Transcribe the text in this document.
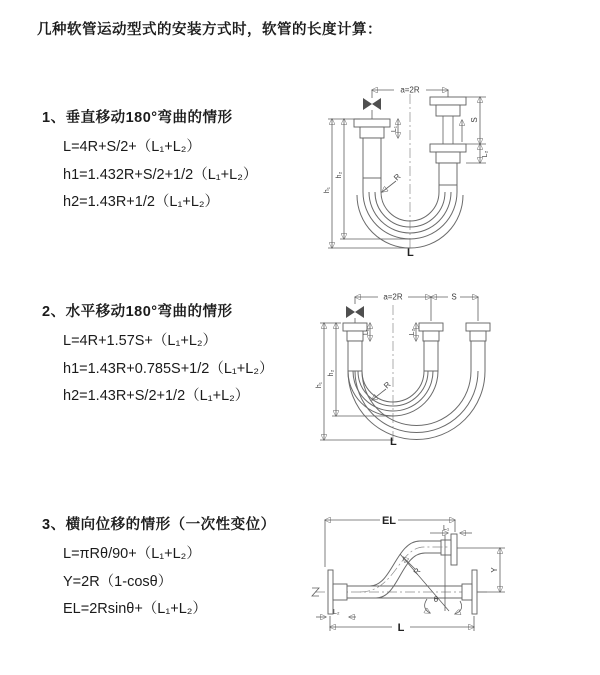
几种软管运动型式的安装方式时，软管的长度计算：
1、垂直移动180°弯曲的情形
L=4R+S/2+（L₁+L₂）
h1=1.432R+S/2+1/2（L₁+L₂）
h2=1.43R+1/2（L₁+L₂）
a=2R
h₁
h₂
L₁
S
L₂
R
L
2、水平移动180°弯曲的情形
L=4R+1.57S+（L₁+L₂）
h1=1.43R+0.785S+1/2（L₁+L₂）
h2=1.43R+S/2+1/2（L₁+L₂）
a=2R	S
L₁	L₂
h₁
h₂
R
L
3、横向位移的情形（一次性变位）
L=πRθ/90+（L₁+L₂）
Y=2R（1-cosθ）
EL=2Rsinθ+（L₁+L₂）
EL
L₁
Y
R
θ
L₂
L
